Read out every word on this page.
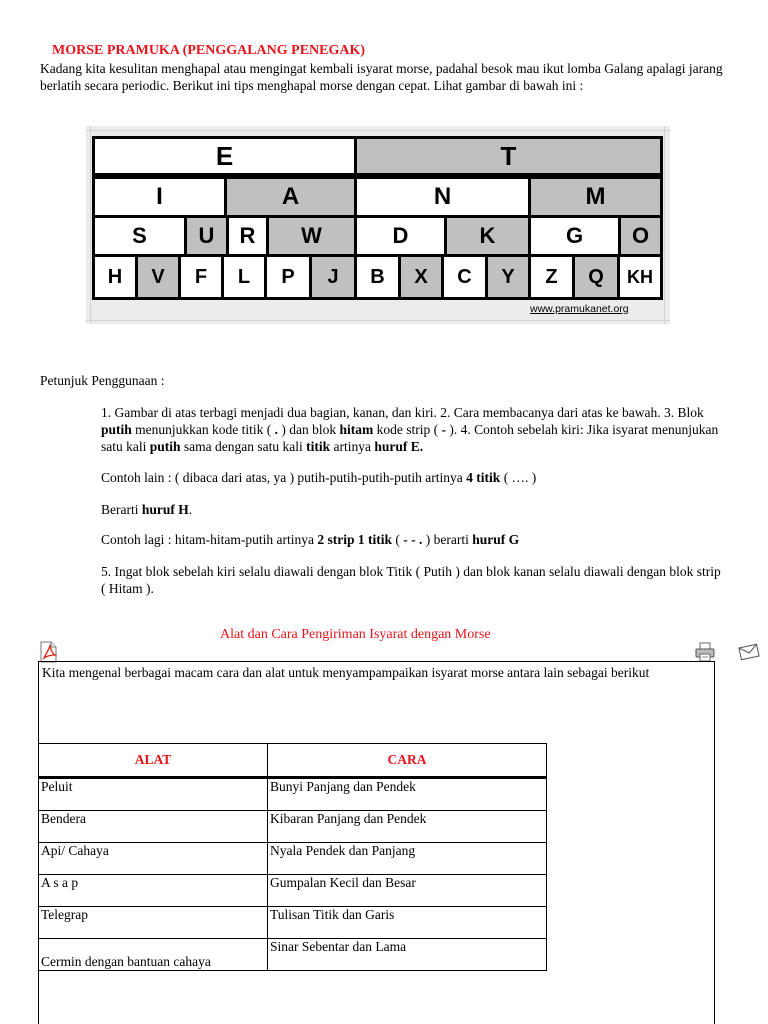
MORSE PRAMUKA (PENGGALANG PENEGAK)
Kadang kita kesulitan menghapal atau mengingat kembali isyarat morse, padahal besok mau ikut lomba Galang apalagi jarang berlatih secara periodic. Berikut ini tips menghapal morse dengan cepat. Lihat gambar di bawah ini :
E	T
I	A	N	M
S	U	R	W	D	K	G	O
H	V	F	L	P	J	B	X	C	Y	Z	Q	KH
www.pramukanet.org
Petunjuk Penggunaan :
1. Gambar di atas terbagi menjadi dua bagian, kanan, dan kiri. 2. Cara membacanya dari atas ke bawah. 3. Blok putih menunjukkan kode titik ( . ) dan blok hitam kode strip ( - ). 4. Contoh sebelah kiri: Jika isyarat menunjukan satu kali putih sama dengan satu kali titik artinya huruf E.
Contoh lain : ( dibaca dari atas, ya ) putih-putih-putih-putih artinya 4 titik ( …. )
Berarti huruf H.
Contoh lagi : hitam-hitam-putih artinya 2 strip 1 titik ( - - . ) berarti huruf G
5. Ingat blok sebelah kiri selalu diawali dengan blok Titik ( Putih ) dan blok kanan selalu diawali dengan blok strip ( Hitam ).
Alat dan Cara Pengiriman Isyarat dengan Morse
Kita mengenal berbagai macam cara dan alat untuk menyampampaikan isyarat morse antara lain sebagai berikut
ALAT	CARA
Peluit	Bunyi Panjang dan Pendek
Bendera	Kibaran Panjang dan Pendek
Api/ Cahaya	Nyala Pendek dan Panjang
A s a p	Gumpalan Kecil dan Besar
Telegrap	Tulisan Titik dan Garis
Cermin dengan bantuan cahaya	Sinar Sebentar dan Lama
